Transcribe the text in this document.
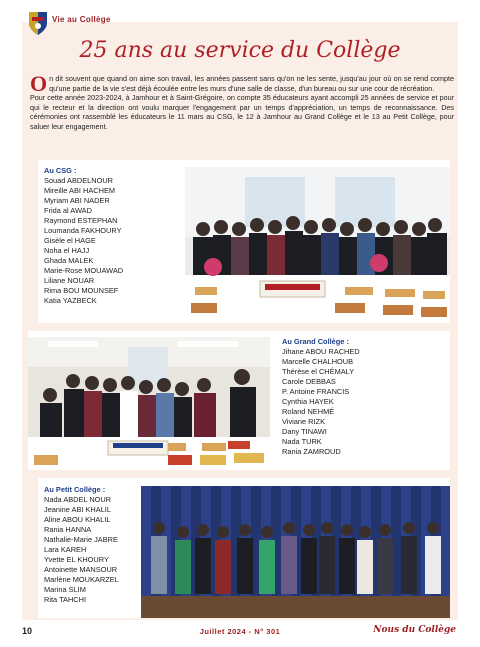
Vie au Collège
25 ans au service du Collège

On dit souvent que quand on aime son travail, les années passent sans qu'on ne les sente, jusqu'au jour où on se rend compte qu'une partie de la vie s'est déjà écoulée entre les murs d'une salle de classe, d'un bureau ou sur une cour de récréation.

Pour cette année 2023-2024, à Jamhour et à Saint-Grégoire, on compte 35 éducateurs ayant accompli 25 années de service et pour qui le recteur et la direction ont voulu marquer l'engagement par un temps d'appréciation, un temps de reconnaissance. Des cérémonies ont rassemblé les éducateurs le 11 mars au CSG, le 12 à Jamhour au Grand Collège et le 13 au Petit Collège, pour saluer leur engagement.

Au CSG :
Souad ABDELNOUR
Mireille ABI HACHEM
Myriam ABI NADER
Frida al AWAD
Raymond ESTEPHAN
Loumanda FAKHOURY
Gisèle el HAGE
Noha el HAJJ
Ghada MALEK
Marie-Rose MOUAWAD
Liliane NOUAR
Rima BOU MOUNSEF
Katia YAZBECK
Au Grand Collège :
Jihane ABOU RACHED
Marcelle CHALHOUB
Thérèse el CHÉMALY
Carole DEBBAS
P. Antoine FRANCIS
Cynthia HAYEK
Roland NEHMÉ
Viviane RIZK
Dany TINAWI
Nada TURK
Rania ZAMROUD
Au Petit Collège :
Nada ABDEL NOUR
Jeanine ABI KHALIL
Aline ABOU KHALIL
Rania HANNA
Nathalie-Marie JABRE
Lara KAREH
Yvette EL KHOURY
Antoinette MANSOUR
Marlène MOUKARZEL
Marina SLIM
Rita TAHCHI
10	Juillet 2024 - N° 301	Nous du Collège
